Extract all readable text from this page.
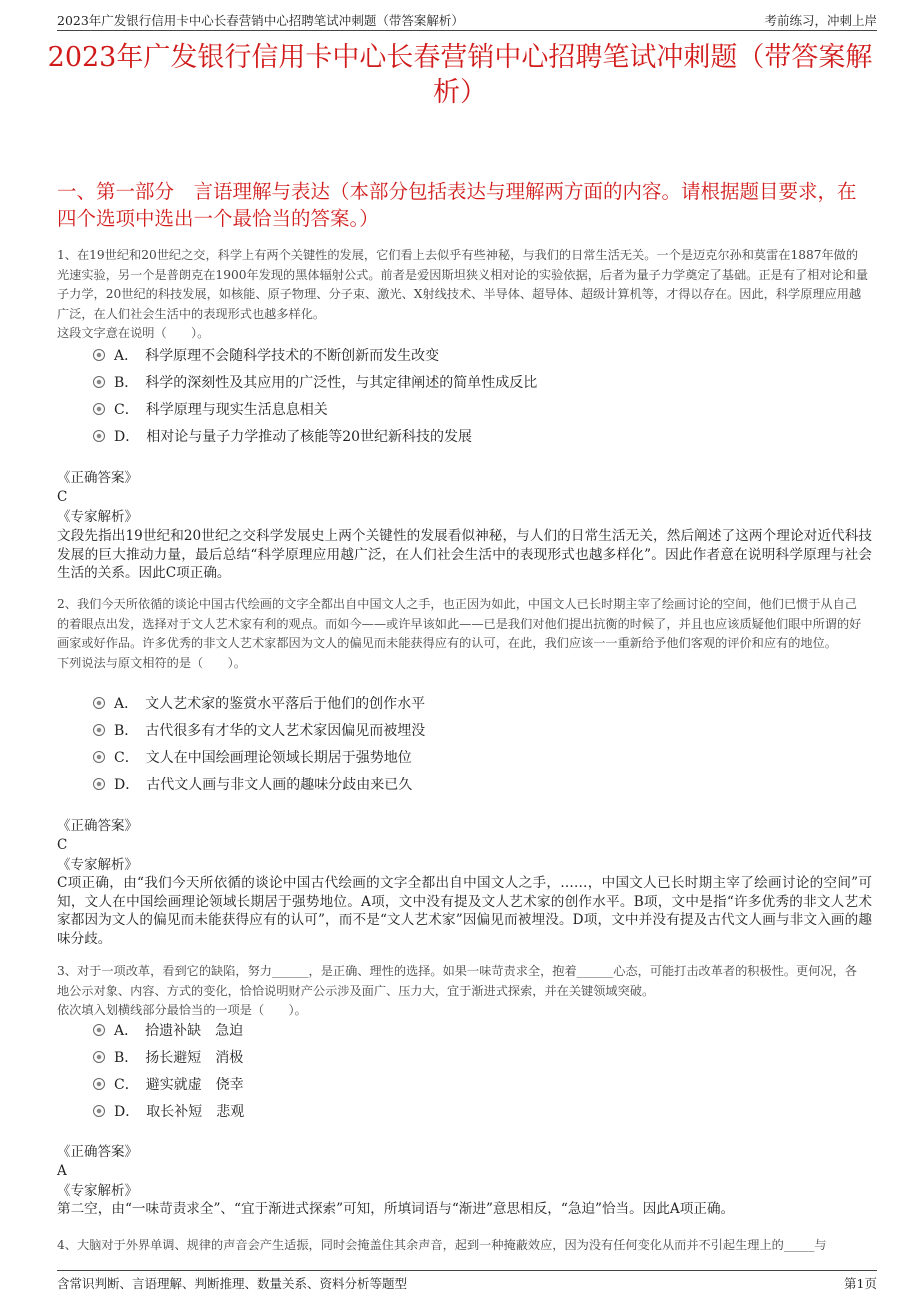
2023年广发银行信用卡中心长春营销中心招聘笔试冲刺题（带答案解析）	考前练习，冲刺上岸
2023年广发银行信用卡中心长春营销中心招聘笔试冲刺题（带答案解析）
一、第一部分　言语理解与表达（本部分包括表达与理解两方面的内容。请根据题目要求，在四个选项中选出一个最恰当的答案。）
1、在19世纪和20世纪之交，科学上有两个关键性的发展，它们看上去似乎有些神秘，与我们的日常生活无关。一个是迈克尔孙和莫雷在1887年做的光速实验，另一个是普朗克在1900年发现的黑体辐射公式。前者是爱因斯坦狭义相对论的实验依据，后者为量子力学奠定了基础。正是有了相对论和量子力学，20世纪的科技发展，如核能、原子物理、分子束、激光、X射线技术、半导体、超导体、超级计算机等，才得以存在。因此，科学原理应用越广泛，在人们社会生活中的表现形式也越多样化。
这段文字意在说明（　　）。
A．　科学原理不会随科学技术的不断创新而发生改变
B．　科学的深刻性及其应用的广泛性，与其定律阐述的简单性成反比
C．　科学原理与现实生活息息相关
D．　相对论与量子力学推动了核能等20世纪新科技的发展
《正确答案》
C
《专家解析》
文段先指出19世纪和20世纪之交科学发展史上两个关键性的发展看似神秘，与人们的日常生活无关，然后阐述了这两个理论对近代科技发展的巨大推动力量，最后总结“科学原理应用越广泛，在人们社会生活中的表现形式也越多样化”。因此作者意在说明科学原理与社会生活的关系。因此C项正确。
2、我们今天所依循的谈论中国古代绘画的文字全都出自中国文人之手，也正因为如此，中国文人已长时期主宰了绘画讨论的空间，他们已惯于从自己的着眼点出发，选择对于文人艺术家有利的观点。而如今——或许早该如此——已是我们对他们提出抗衡的时候了，并且也应该质疑他们眼中所谓的好画家或好作品。许多优秀的非文人艺术家都因为文人的偏见而未能获得应有的认可，在此，我们应该一一重新给予他们客观的评价和应有的地位。
下列说法与原文相符的是（　　）。
A．　文人艺术家的鉴赏水平落后于他们的创作水平
B．　古代很多有才华的文人艺术家因偏见而被埋没
C．　文人在中国绘画理论领域长期居于强势地位
D．　古代文人画与非文人画的趣味分歧由来已久
《正确答案》
C
《专家解析》
C项正确，由“我们今天所依循的谈论中国古代绘画的文字全都出自中国文人之手，……，中国文人已长时期主宰了绘画讨论的空间”可知，文人在中国绘画理论领域长期居于强势地位。A项，文中没有提及文人艺术家的创作水平。B项，文中是指“许多优秀的非文人艺术家都因为文人的偏见而未能获得应有的认可”，而不是“文人艺术家”因偏见而被埋没。D项，文中并没有提及古代文人画与非文入画的趣味分歧。
3、对于一项改革，看到它的缺陷，努力______，是正确、理性的选择。如果一味苛责求全，抱着______心态，可能打击改革者的积极性。更何况，各地公示对象、内容、方式的变化，恰恰说明财产公示涉及面广、压力大，宜于渐进式探索，并在关键领域突破。
依次填入划横线部分最恰当的一项是（　　）。
A．　拾遗补缺　急迫
B．　扬长避短　消极
C．　避实就虚　侥幸
D．　取长补短　悲观
《正确答案》
A
《专家解析》
第二空，由“一味苛责求全”、“宜于渐进式探索”可知，所填词语与“渐进”意思相反，“急迫”恰当。因此A项正确。
4、大脑对于外界单调、规律的声音会产生适振，同时会掩盖住其余声音，起到一种掩蔽效应，因为没有任何变化从而并不引起生理上的_____与
含常识判断、言语理解、判断推理、数量关系、资料分析等题型	第1页
